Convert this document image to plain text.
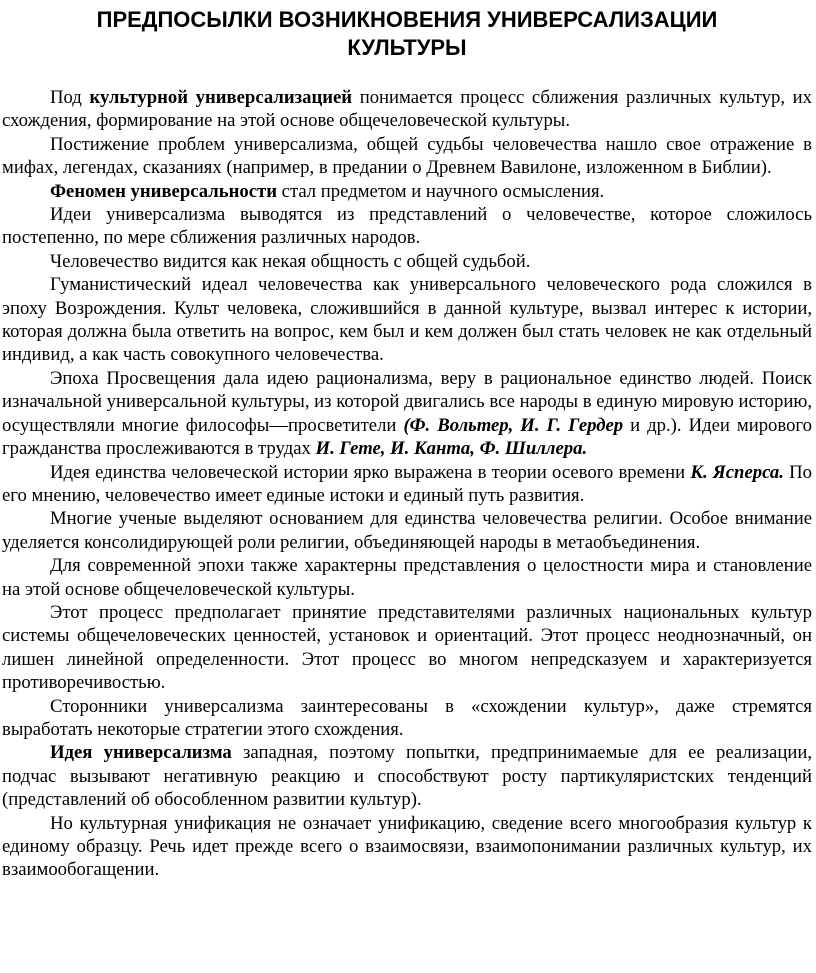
ПРЕДПОСЫЛКИ ВОЗНИКНОВЕНИЯ УНИВЕРСАЛИЗАЦИИ
КУЛЬТУРЫ

Под культурной универсализацией понимается процесс сближения различных культур, их схождения, формирование на этой основе общечеловеческой культуры.

Постижение проблем универсализма, общей судьбы человечества нашло свое отражение в мифах, легендах, сказаниях (например, в предании о Древнем Вавилоне, изложенном в Библии).

Феномен универсальности стал предметом и научного осмысления.

Идеи универсализма выводятся из представлений о человечестве, которое сложилось постепенно, по мере сближения различных народов.

Человечество видится как некая общность с общей судьбой.

Гуманистический идеал человечества как универсального человеческого рода сложился в эпоху Возрождения. Культ человека, сложившийся в данной культуре, вызвал интерес к истории, которая должна была ответить на вопрос, кем был и кем должен был стать человек не как отдельный индивид, а как часть совокупного человечества.

Эпоха Просвещения дала идею рационализма, веру в рациональное единство людей. Поиск изначальной универсальной культуры, из которой двигались все народы в единую мировую историю, осуществляли многие философы—просветители (Ф. Вольтер, И. Г. Гердер и др.). Идеи мирового гражданства прослеживаются в трудах И. Гете, И. Канта, Ф. Шиллера.

Идея единства человеческой истории ярко выражена в теории осевого времени К. Ясперса. По его мнению, человечество имеет единые истоки и единый путь развития.

Многие ученые выделяют основанием для единства человечества религии. Особое внимание уделяется консолидирующей роли религии, объединяющей народы в метаобъединения.

Для современной эпохи также характерны представления о целостности мира и становление на этой основе общечеловеческой культуры.

Этот процесс предполагает принятие представителями различных национальных культур системы общечеловеческих ценностей, установок и ориентаций. Этот процесс неоднозначный, он лишен линейной определенности. Этот процесс во многом непредсказуем и характеризуется противоречивостью.

Сторонники универсализма заинтересованы в «схождении культур», даже стремятся выработать некоторые стратегии этого схождения.

Идея универсализма западная, поэтому попытки, предпринимаемые для ее реализации, подчас вызывают негативную реакцию и способствуют росту партикуляристских тенденций (представлений об обособленном развитии культур).

Но культурная унификация не означает унификацию, сведение всего многообразия культур к единому образцу. Речь идет прежде всего о взаимосвязи, взаимопонимании различных культур, их взаимообогащении.
